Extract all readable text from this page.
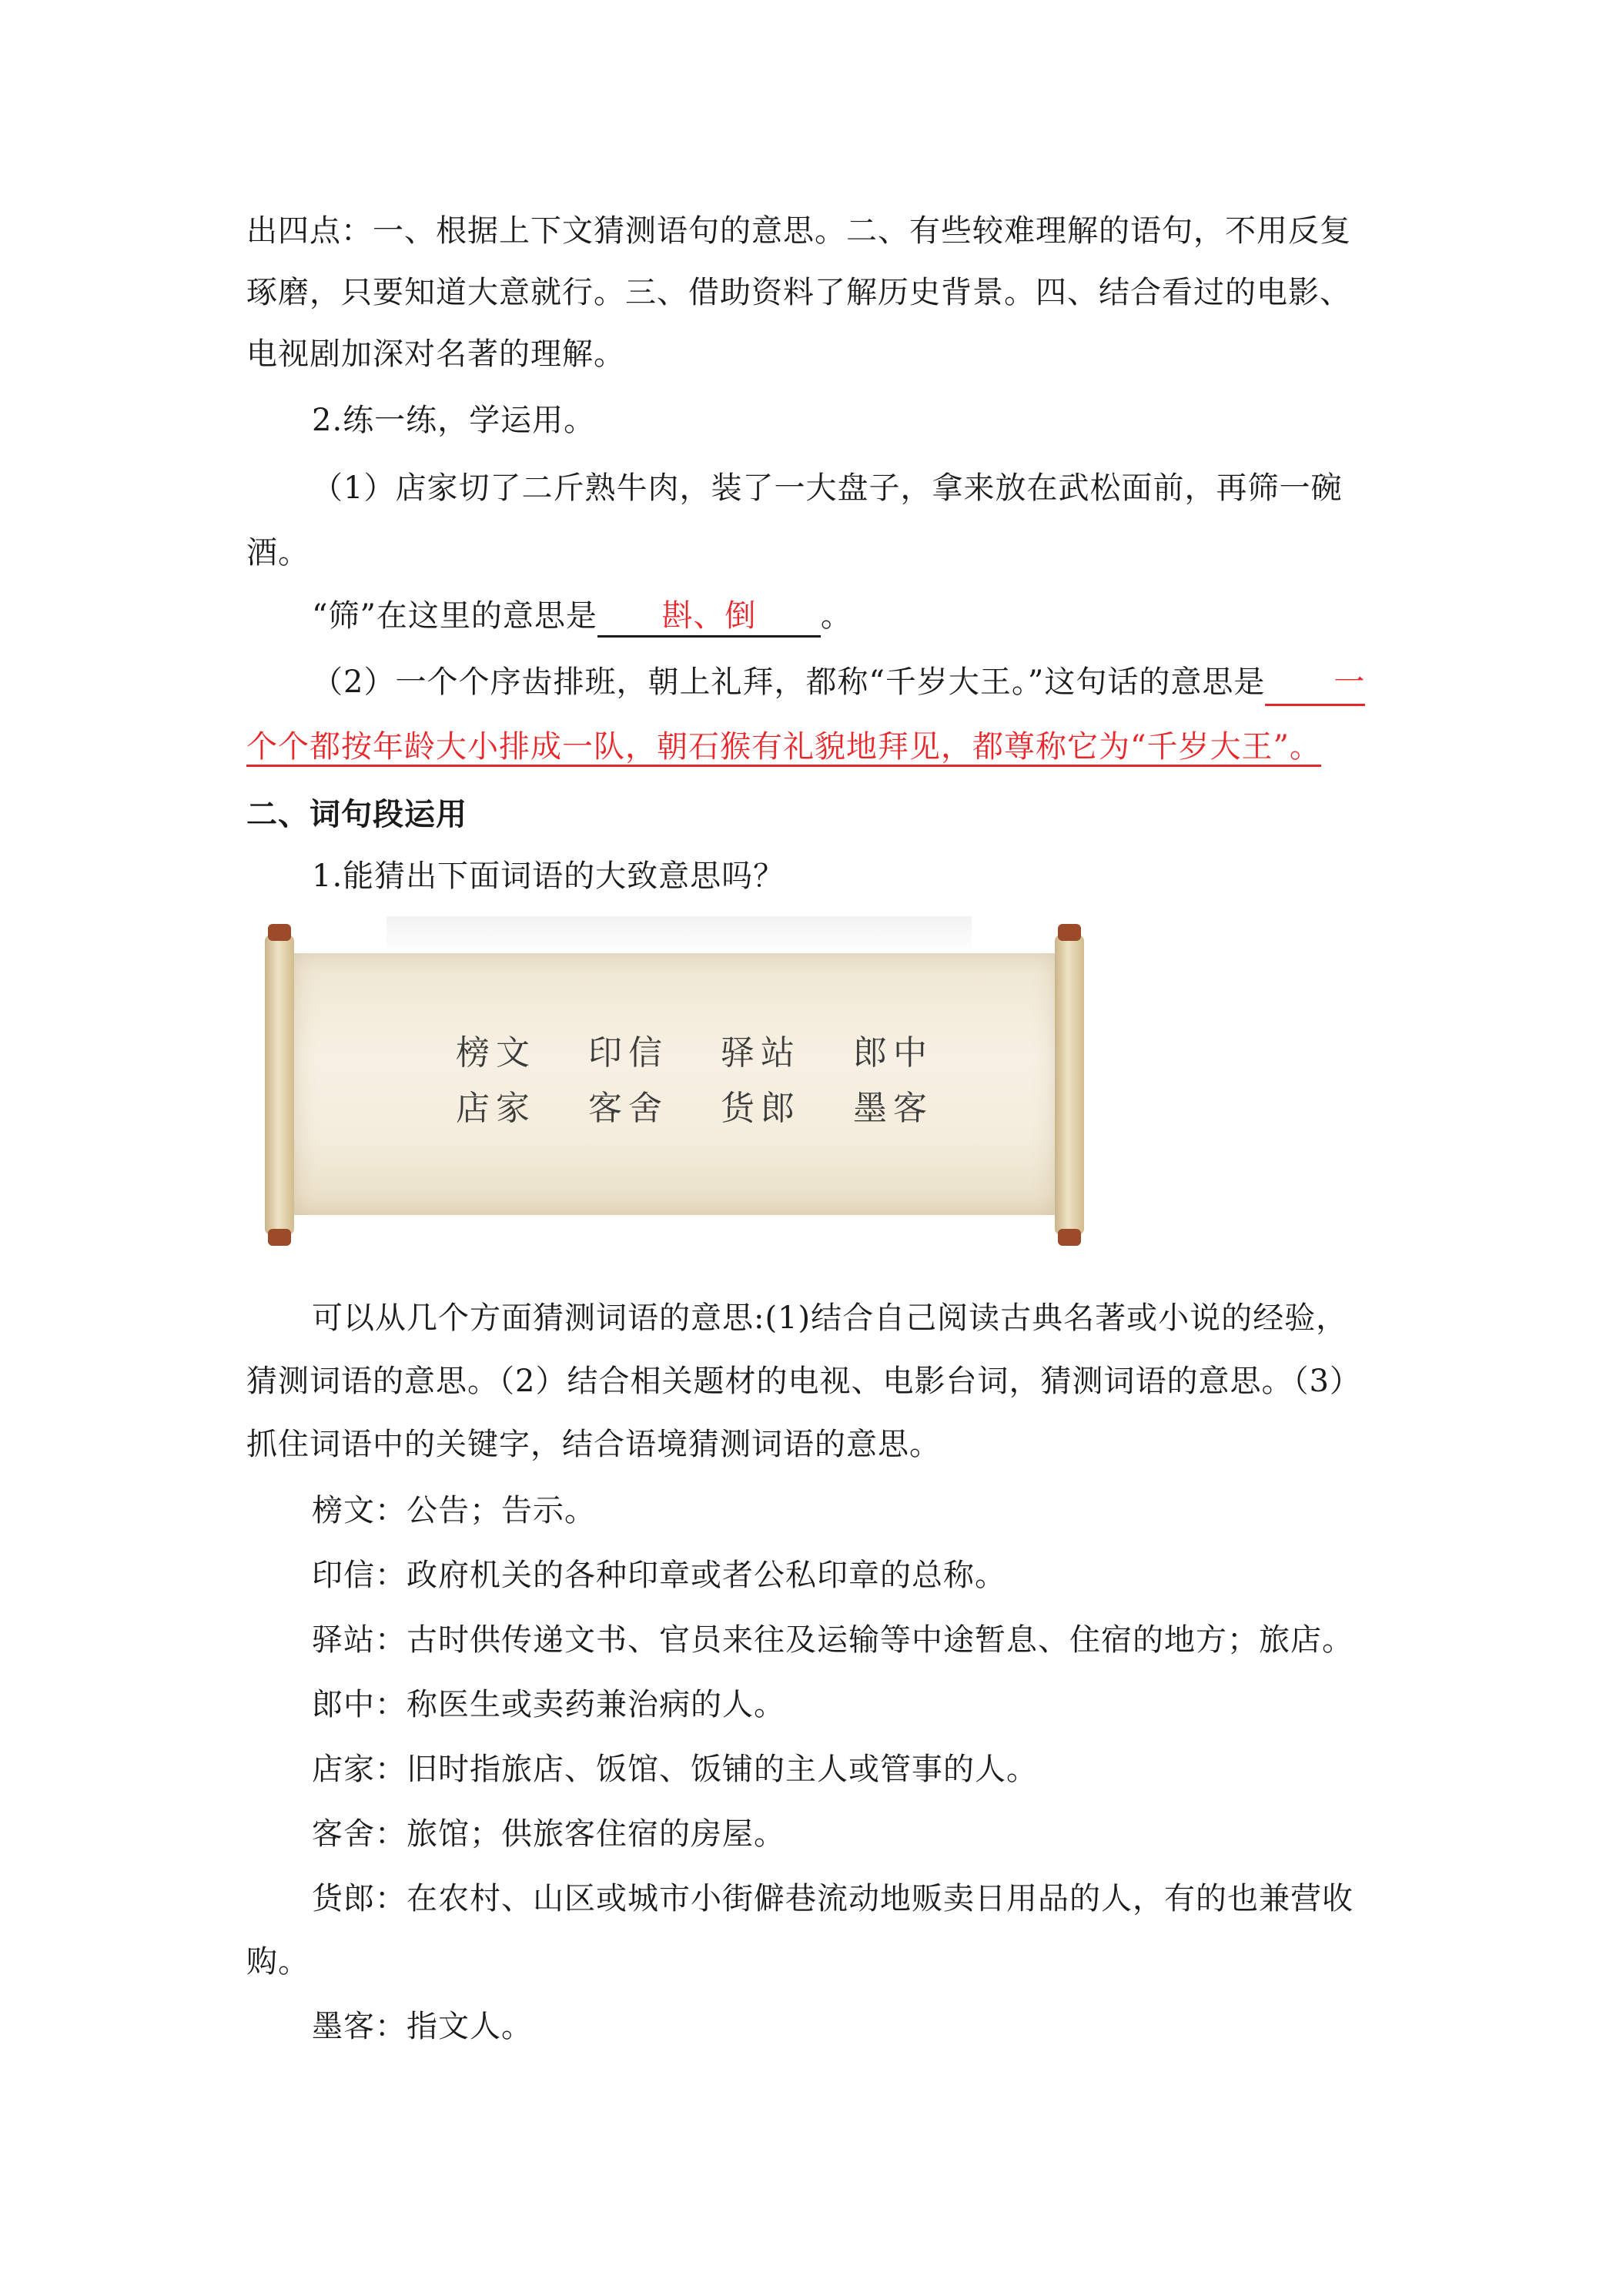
出四点：一、根据上下文猜测语句的意思。二、有些较难理解的语句，不用反复
琢磨，只要知道大意就行。三、借助资料了解历史背景。四、结合看过的电影、
电视剧加深对名著的理解。
2.练一练，学运用。
（1）店家切了二斤熟牛肉，装了一大盘子，拿来放在武松面前，再筛一碗
酒。
“筛”在这里的意思是 斟、倒 。
（2）一个个序齿排班，朝上礼拜，都称“千岁大王。”这句话的意思是 一
个个都按年龄大小排成一队，朝石猴有礼貌地拜见，都尊称它为“千岁大王”。
二、词句段运用
1.能猜出下面词语的大致意思吗？
榜文 印信 驿站 郎中
店家 客舍 货郎 墨客
可以从几个方面猜测词语的意思:(1)结合自己阅读古典名著或小说的经验，
猜测词语的意思。（2）结合相关题材的电视、电影台词，猜测词语的意思。（3）
抓住词语中的关键字，结合语境猜测词语的意思。
榜文：公告；告示。
印信：政府机关的各种印章或者公私印章的总称。
驿站：古时供传递文书、官员来往及运输等中途暂息、住宿的地方；旅店。
郎中：称医生或卖药兼治病的人。
店家：旧时指旅店、饭馆、饭铺的主人或管事的人。
客舍：旅馆；供旅客住宿的房屋。
货郎：在农村、山区或城市小街僻巷流动地贩卖日用品的人，有的也兼营收
购。
墨客：指文人。
